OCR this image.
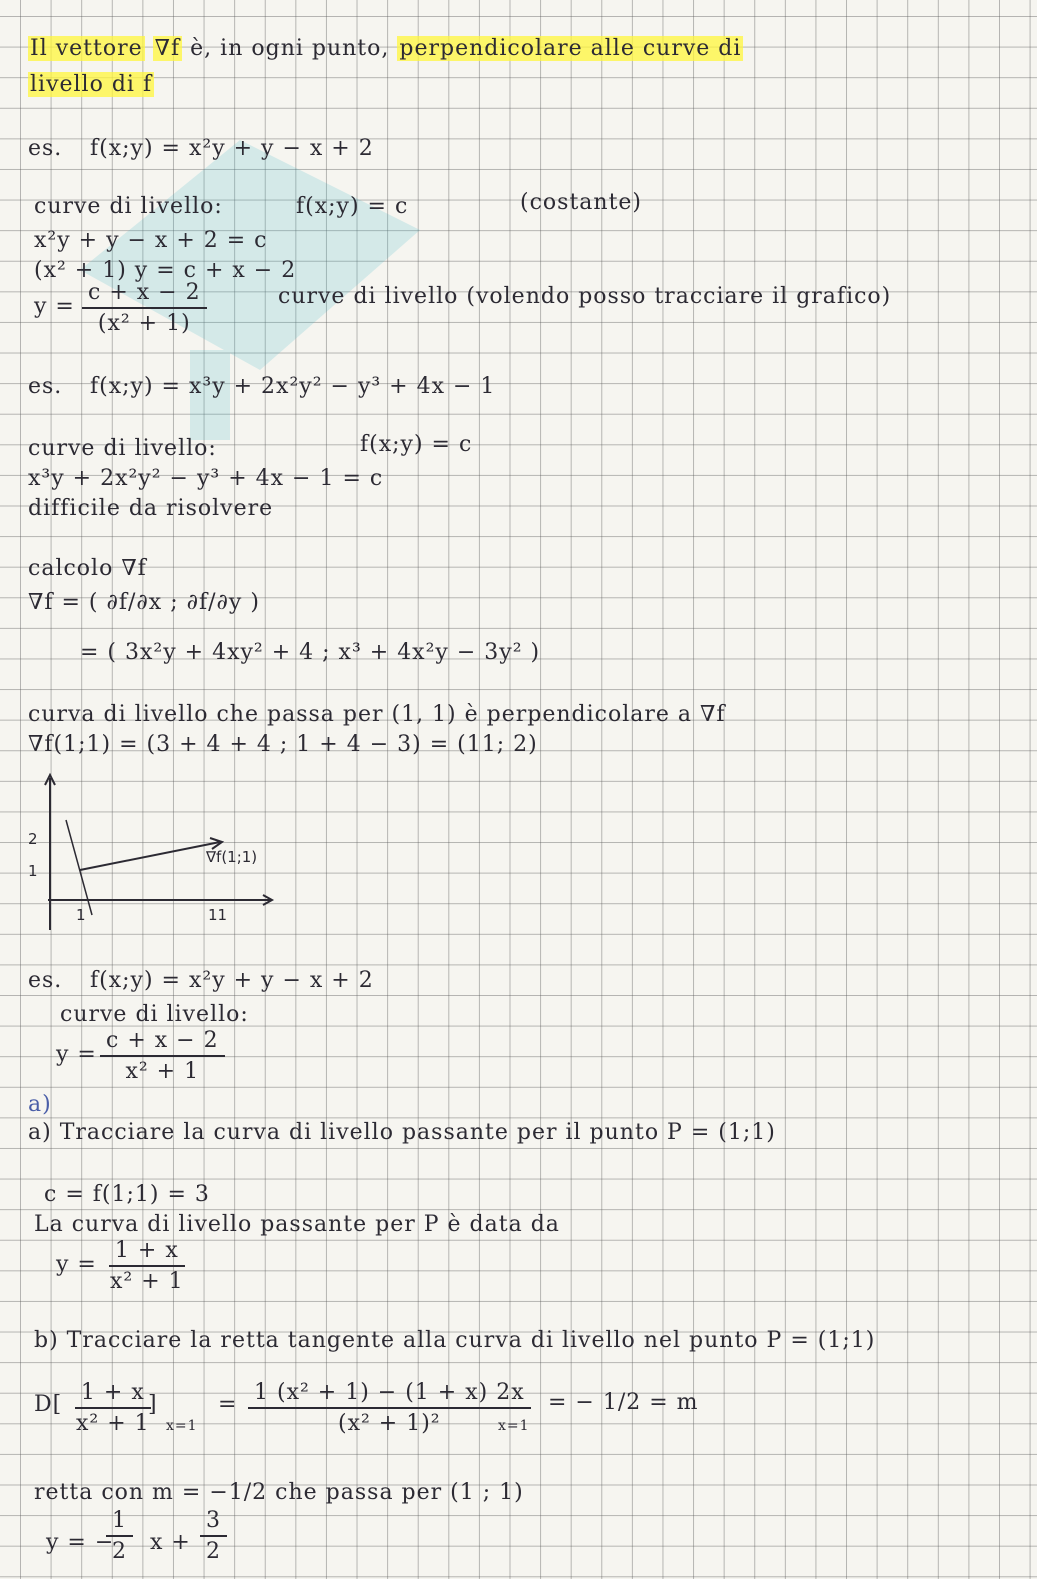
Il vettore ∇f è, in ogni punto, perpendicolare alle curve di
livello di f
es. f(x;y) = x²y + y − x + 2
curve di livello:	f(x;y) = c	(costante)
x²y + y − x + 2 = c
(x² + 1) y = c + x − 2
$y = \frac{c + x - 2}{\text{(x² + 1)}}$	curve di livello (volendo posso tracciare il grafico)
es. f(x;y) = x³y + 2x²y² − y³ + 4x − 1
curve di livello:	f(x;y) = c
x³y + 2x²y² − y³ + 4x − 1 = c
difficile da risolvere
calcolo ∇f
∇f = ( ∂f/∂x ; ∂f/∂y )
= ( 3x²y + 4xy² + 4 ; x³ + 4x²y − 3y² )
curva di livello che passa per (1, 1) è perpendicolare a ∇f
∇f(1;1) = (3 + 4 + 4 ; 1 + 4 − 3) = (11; 2)
2
1
1	11
∇f(1;1)
es. f(x;y) = x²y + y − x + 2
curve di livello:
$y = \frac{c + x - 2}{\text{x² + 1}}$
a)
a) Tracciare la curva di livello passante per il punto P = (1;1)
c = f(1;1) = 3
La curva di livello passante per P è data da
$y = \frac{1 + x}{\text{x² + 1}}$
b) Tracciare la retta tangente alla curva di livello nel punto P = (1;1)
$D[ \frac{1 + x}{\text{x² + 1}}$
]
x=1
= $\frac{\text{1 (x² + 1) − (1 + x) 2x}}{\text{(x² + 1)²}}$
x=1
= − 1/2 = m
retta con m = −1/2 che passa per (1 ; 1)
y = −
$\frac{1}{2}$ $x + \frac{3}{2}$
